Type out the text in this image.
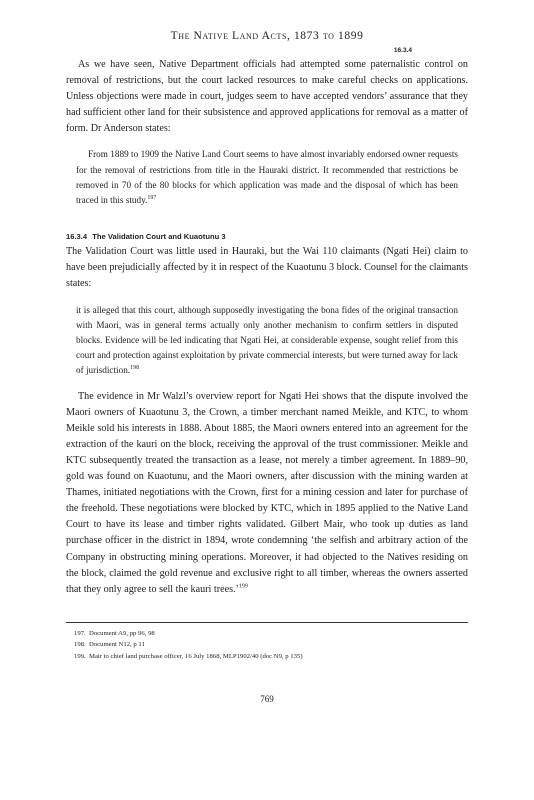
The Native Land Acts, 1873 to 1899
16.3.4

As we have seen, Native Department officials had attempted some paternalistic control on removal of restrictions, but the court lacked resources to make careful checks on applications. Unless objections were made in court, judges seem to have accepted vendors’ assurance that they had sufficient other land for their subsistence and approved applications for removal as a matter of form. Dr Anderson states:

From 1889 to 1909 the Native Land Court seems to have almost invariably endorsed owner requests for the removal of restrictions from title in the Hauraki district. It recommended that restrictions be removed in 70 of the 80 blocks for which application was made and the disposal of which has been traced in this study.$^{197}$

16.3.4 The Validation Court and Kuaotunu 3

The Validation Court was little used in Hauraki, but the Wai 110 claimants (Ngati Hei) claim to have been prejudicially affected by it in respect of the Kuaotunu 3 block. Counsel for the claimants states:

it is alleged that this court, although supposedly investigating the bona fides of the original transaction with Maori, was in general terms actually only another mechanism to confirm settlers in disputed blocks. Evidence will be led indicating that Ngati Hei, at considerable expense, sought relief from this court and protection against exploitation by private commercial interests, but were turned away for lack of jurisdiction.$^{198}$

The evidence in Mr Walzl’s overview report for Ngati Hei shows that the dispute involved the Maori owners of Kuaotunu 3, the Crown, a timber merchant named Meikle, and KTC, to whom Meikle sold his interests in 1888. About 1885, the Maori owners entered into an agreement for the extraction of the kauri on the block, receiving the approval of the trust commissioner. Meikle and KTC subsequently treated the transaction as a lease, not merely a timber agreement. In 1889–90, gold was found on Kuaotunu, and the Maori owners, after discussion with the mining warden at Thames, initiated negotiations with the Crown, first for a mining cession and later for purchase of the freehold. These negotiations were blocked by KTC, which in 1895 applied to the Native Land Court to have its lease and timber rights validated. Gilbert Mair, who took up duties as land purchase officer in the district in 1894, wrote condemning ‘the selfish and arbitrary action of the Company in obstructing mining operations. Moreover, it had objected to the Natives residing on the block, claimed the gold revenue and exclusive right to all timber, whereas the owners asserted that they only agree to sell the kauri trees.’$^{199}$

197. Document A9, pp 96, 98
198. Document N12, p 11
199. Mair to chief land purchase officer, 16 July 1868, MLP1902/40 (doc N9, p 135)
769
